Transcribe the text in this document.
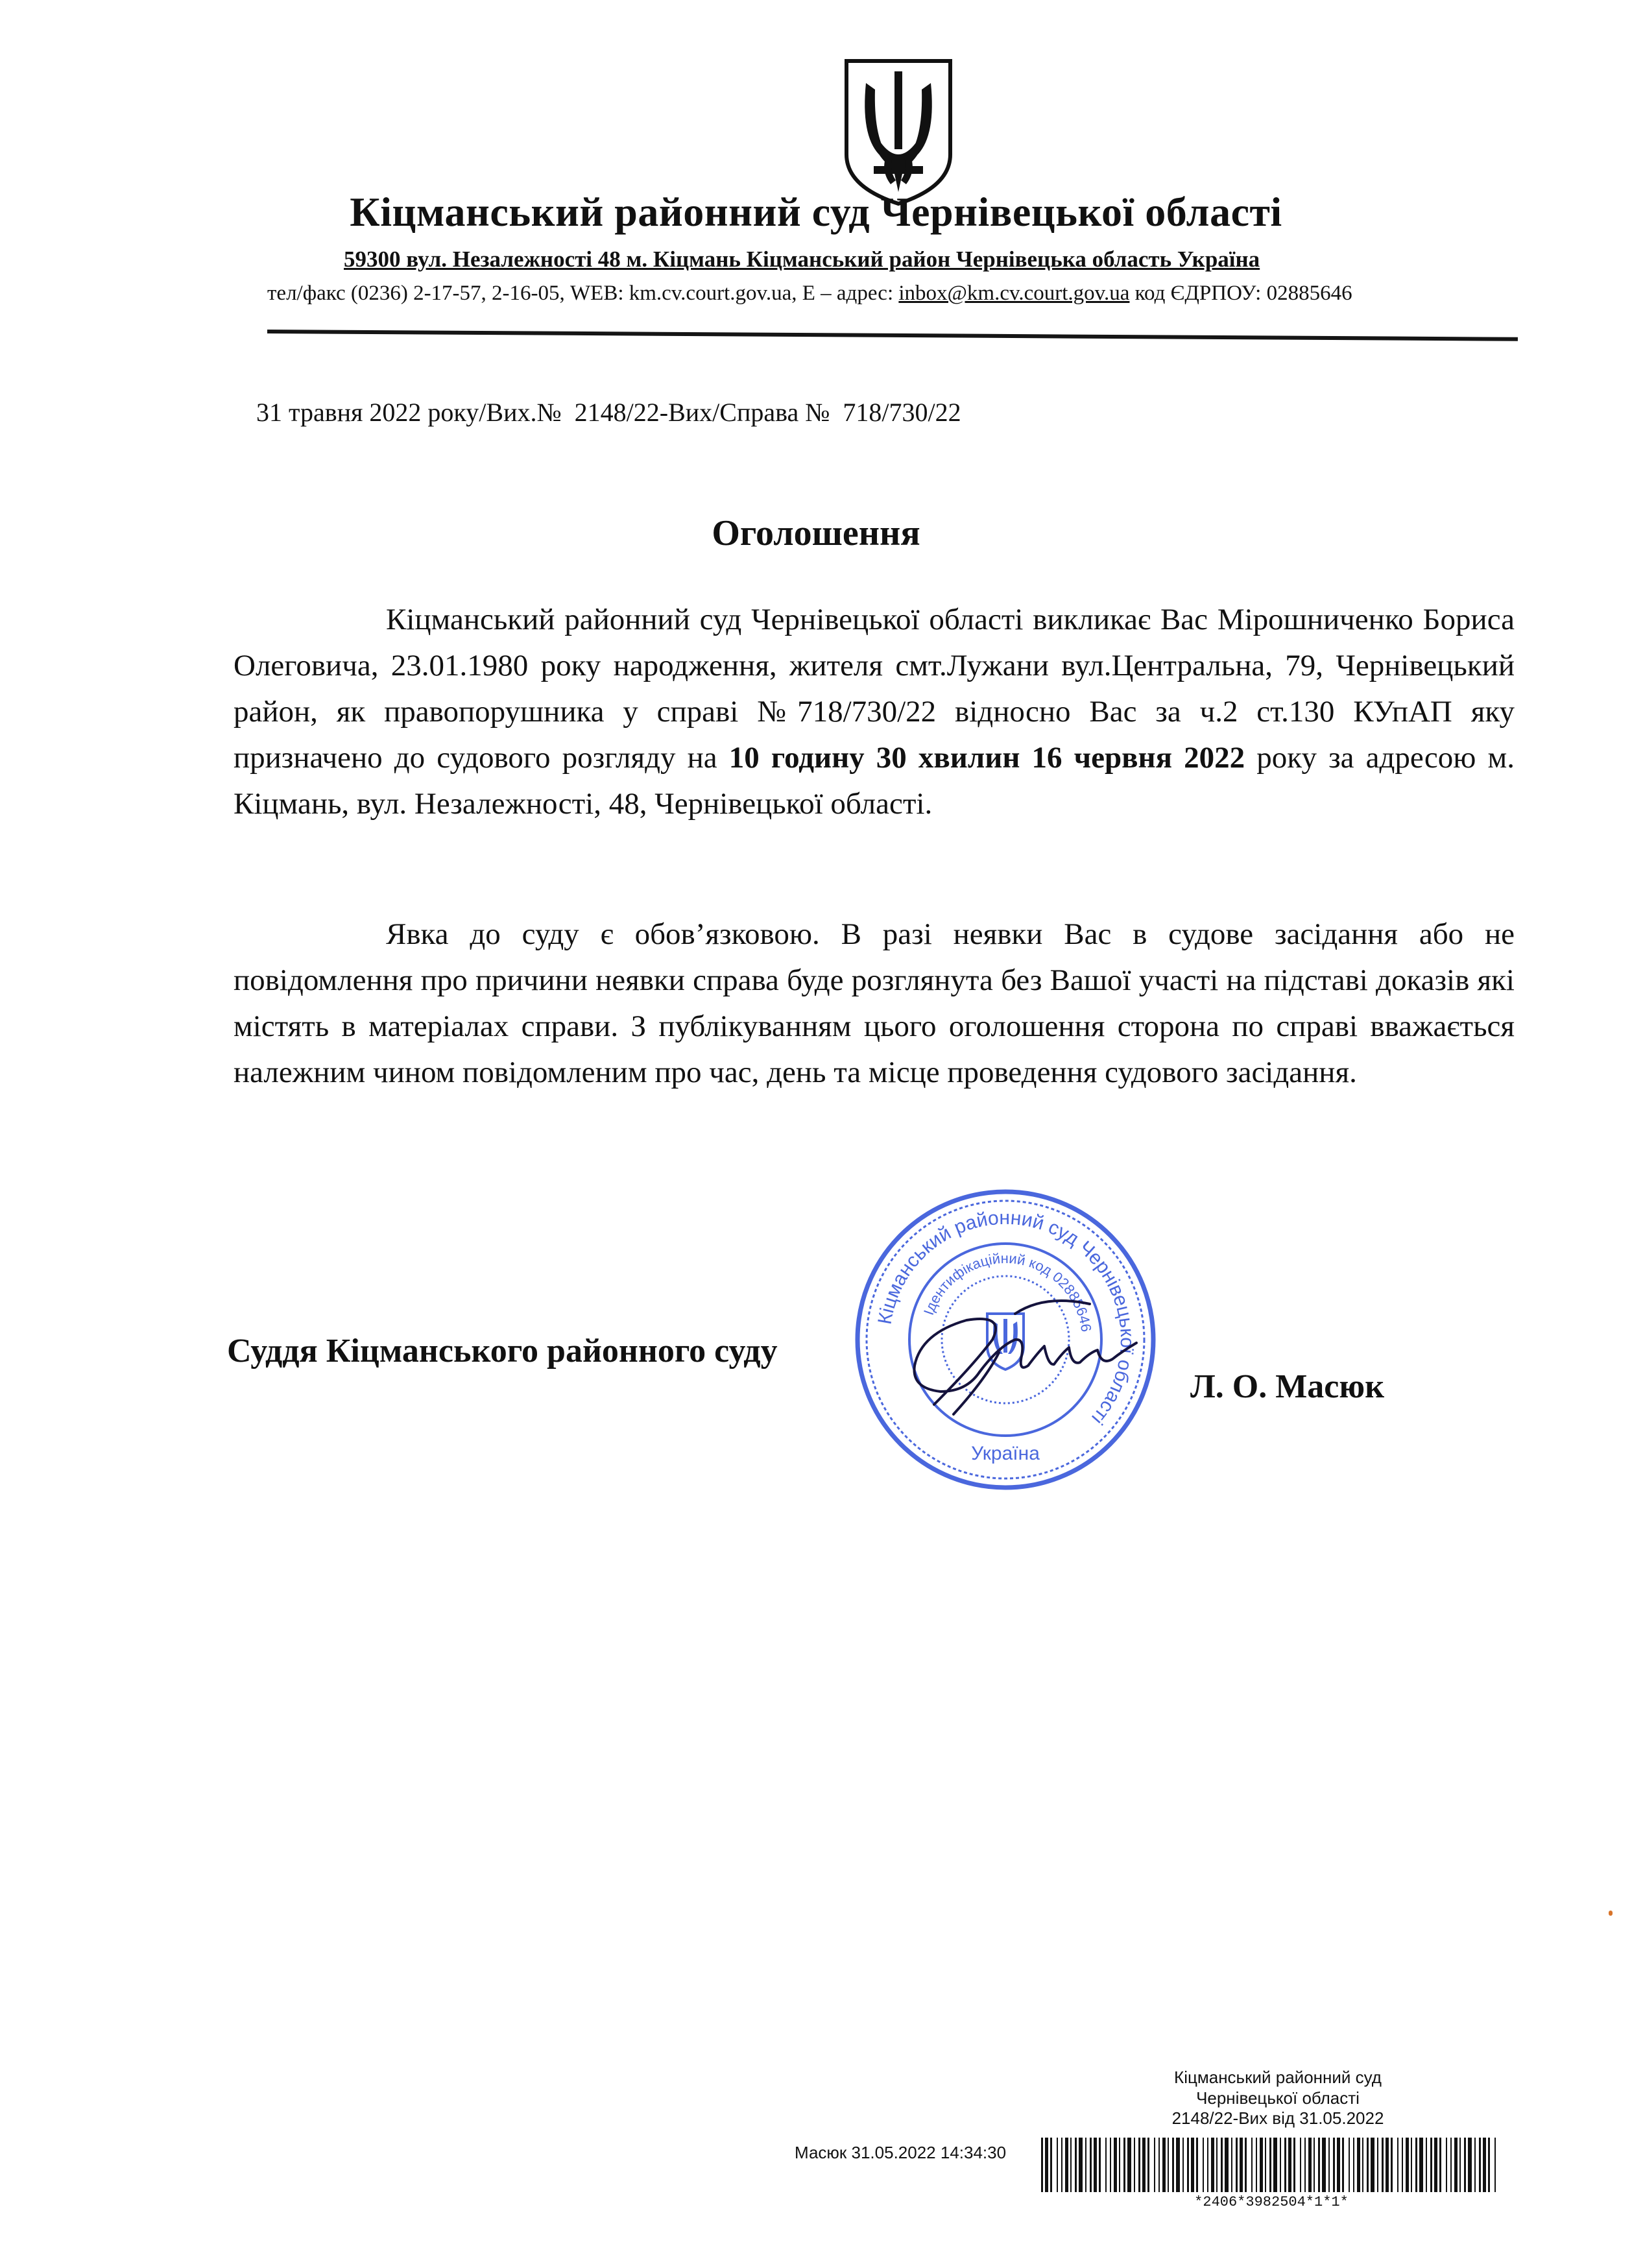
Кіцманський районний суд Чернівецької області
59300 вул. Незалежності 48 м. Кіцмань Кіцманський район Чернівецька область Україна
тел/факс (0236) 2-17-57, 2-16-05, WEB: km.cv.court.gov.ua, E – адрес: inbox@km.cv.court.gov.ua код ЄДРПОУ: 02885646
31 травня 2022 року/Вих.№  2148/22-Вих/Справа №  718/730/22
Оголошення

Кіцманський районний суд Чернівецької області викликає Вас Мірошниченко Бориса Олеговича, 23.01.1980 року народження, жителя смт.Лужани вул.Центральна, 79, Чернівецький район, як правопорушника у справі №718/730/22 відносно Вас за ч.2 ст.130 КУпАП яку призначено до судового розгляду на 10 годину 30 хвилин 16 червня 2022 року за адресою м. Кіцмань, вул. Незалежності, 48, Чернівецької області.

Явка до суду є обов’язковою. В разі неявки Вас в судове засідання або не повідомлення про причини неявки справа буде розглянута без Вашої участі на підставі доказів які містять в матеріалах справи. З публікуванням цього оголошення сторона по справі вважається належним чином повідомленим про час, день та місце проведення судового засідання.

Кіцманський районний суд Чернівецької області
Ідентифікаційний код 02885646
Україна
Суддя Кіцманського районного суду
Л. О. Масюк
Кіцманський районний суд
Чернівецької області
2148/22-Вих від 31.05.2022
Масюк 31.05.2022 14:34:30
*2406*3982504*1*1*
